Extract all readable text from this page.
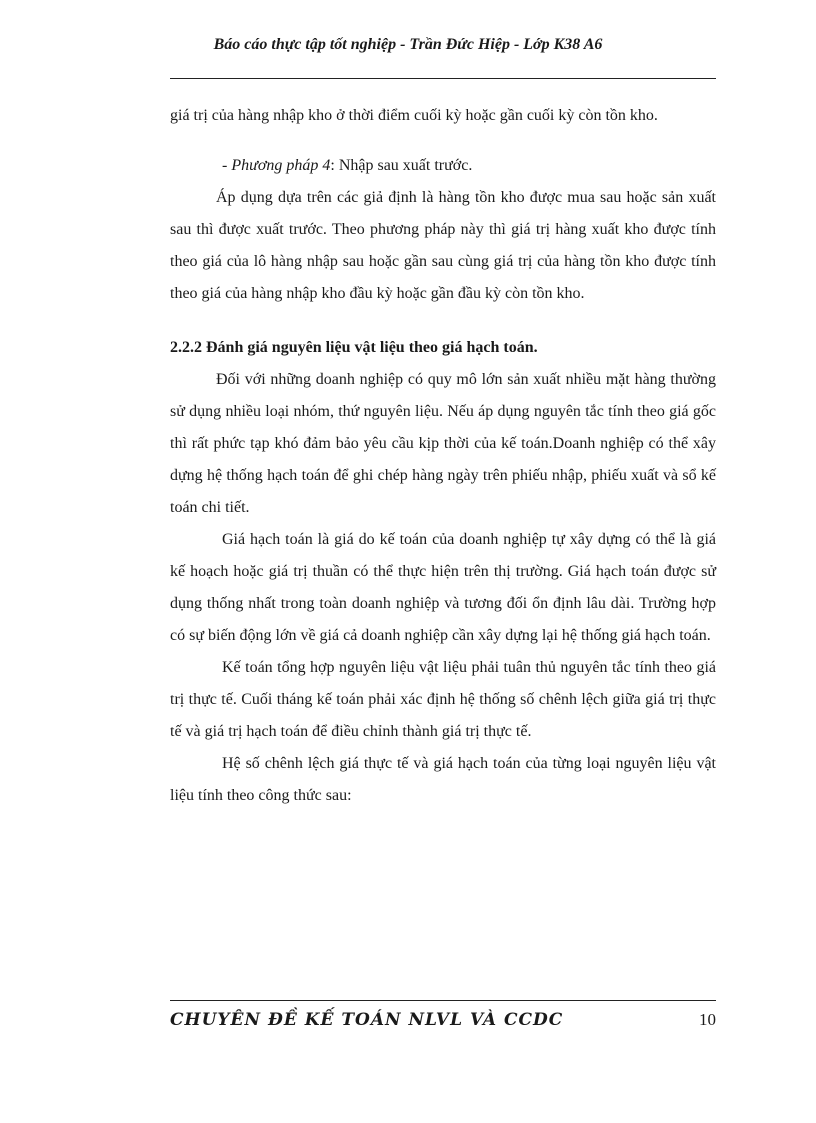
Báo cáo thực tập tốt nghiệp - Trần Đức Hiệp - Lớp K38 A6

giá trị của hàng nhập kho ở thời điểm cuối kỳ hoặc gần cuối kỳ còn tồn kho.

- Phương pháp 4: Nhập sau xuất trước.

Áp dụng dựa trên các giả định là hàng tồn kho được mua sau hoặc sản xuất sau thì được xuất trước. Theo phương pháp này thì giá trị hàng xuất kho được tính theo giá của lô hàng nhập sau hoặc gần sau cùng giá trị của hàng tồn kho được tính theo giá của hàng nhập kho đầu kỳ hoặc gần đầu kỳ còn tồn kho.

2.2.2 Đánh giá nguyên liệu vật liệu theo giá hạch toán.

Đối với những doanh nghiệp có quy mô lớn sản xuất nhiều mặt hàng thường sử dụng nhiều loại nhóm, thứ nguyên liệu. Nếu áp dụng nguyên tắc tính theo giá gốc thì rất phức tạp khó đảm bảo yêu cầu kịp thời của kế toán.Doanh nghiệp có thể xây dựng hệ thống hạch toán để ghi chép hàng ngày trên phiếu nhập, phiếu xuất và sổ kế toán chi tiết.

Giá hạch toán là giá do kế toán của doanh nghiệp tự xây dựng có thể là giá kế hoạch hoặc giá trị thuần có thể thực hiện trên thị trường. Giá hạch toán được sử dụng thống nhất trong toàn doanh nghiệp và tương đối ổn định lâu dài. Trường hợp có sự biến động lớn về giá cả doanh nghiệp cần xây dựng lại hệ thống giá hạch toán.

Kế toán tổng hợp nguyên liệu vật liệu phải tuân thủ nguyên tắc tính theo giá trị thực tế. Cuối tháng kế toán phải xác định hệ thống số chênh lệch giữa giá trị thực tế và giá trị hạch toán để điều chỉnh thành giá trị thực tế.

Hệ số chênh lệch giá thực tế và giá hạch toán của từng loại nguyên liệu vật liệu tính theo công thức sau:

CHUYÊN ĐỀ KẾ TOÁN NLVL VÀ CCDC	10
